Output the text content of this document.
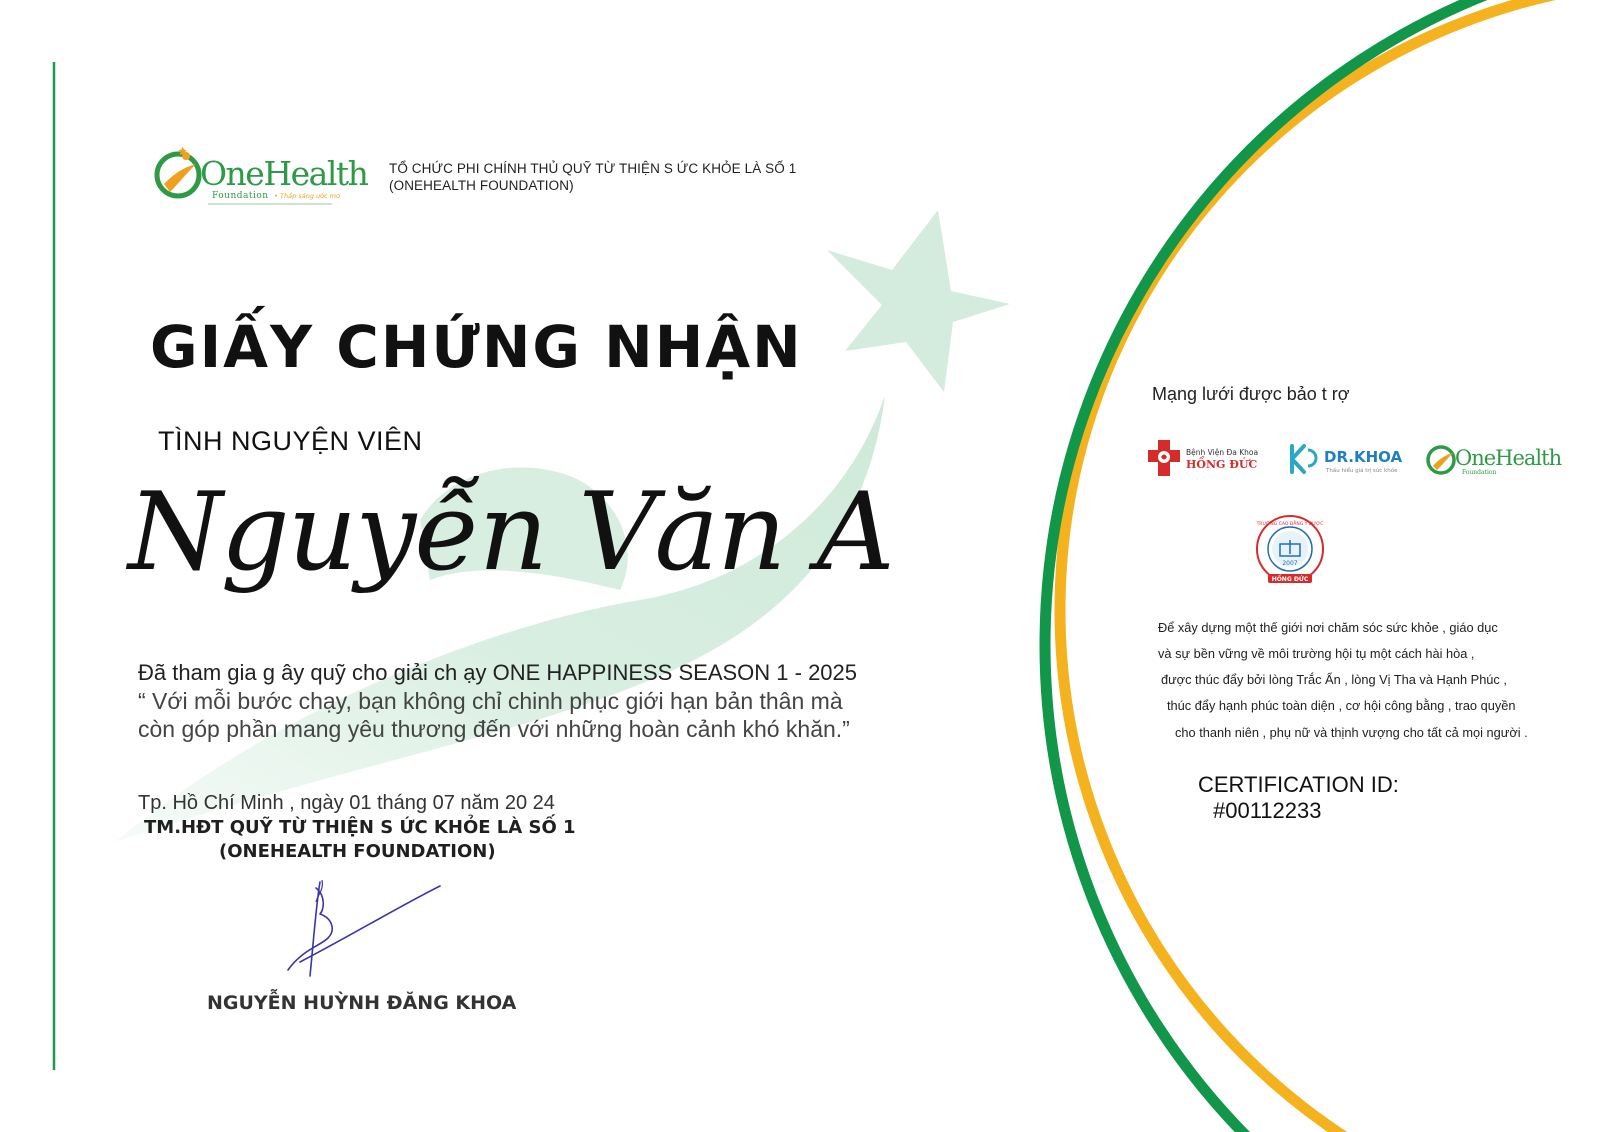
OneHealth
Foundation • Thắp sáng ước mơ
TỔ CHỨC PHI CHÍNH THỦ QUỸ TỪ THIỆN S ỨC KHỎE LÀ SỐ 1
(ONEHEALTH FOUNDATION)
GIẤY CHỨNG NHẬN
TÌNH NGUYỆN VIÊN
Nguyễn Văn A
Đã tham gia g ây quỹ cho giải ch ạy ONE HAPPINESS SEASON 1 - 2025
“ Với mỗi bước chạy, bạn không chỉ chinh phục giới hạn bản thân mà
còn góp phần mang yêu thương đến với những hoàn cảnh khó khăn.”
Tp. Hồ Chí Minh , ngày 01 tháng 07 năm 20 24
TM.HĐT QUỸ TỪ THIỆN S ỨC KHỎE LÀ SỐ 1
(ONEHEALTH FOUNDATION)
NGUYỄN HUỲNH ĐĂNG KHOA
Mạng lưới được bảo t rợ
Bệnh Viện Đa Khoa
HỒNG ĐỨC	DR.KHOA
Thấu hiểu giá trị sức khỏe
OneHealth
Foundation
2007
TRƯỜNG CAO ĐẲNG Y DƯỢC
HỒNG ĐỨC
Để xây dựng một thế giới nơi chăm sóc sức khỏe , giáo dục
và sự bền vững về môi trường hội tụ một cách hài hòa ,
được thúc đẩy bởi lòng Trắc Ẩn , lòng Vị Tha và Hạnh Phúc ,
thúc đẩy hạnh phúc toàn diện , cơ hội công bằng , trao quyền
cho thanh niên , phụ nữ và thịnh vượng cho tất cả mọi người .
CERTIFICATION ID:
#00112233
